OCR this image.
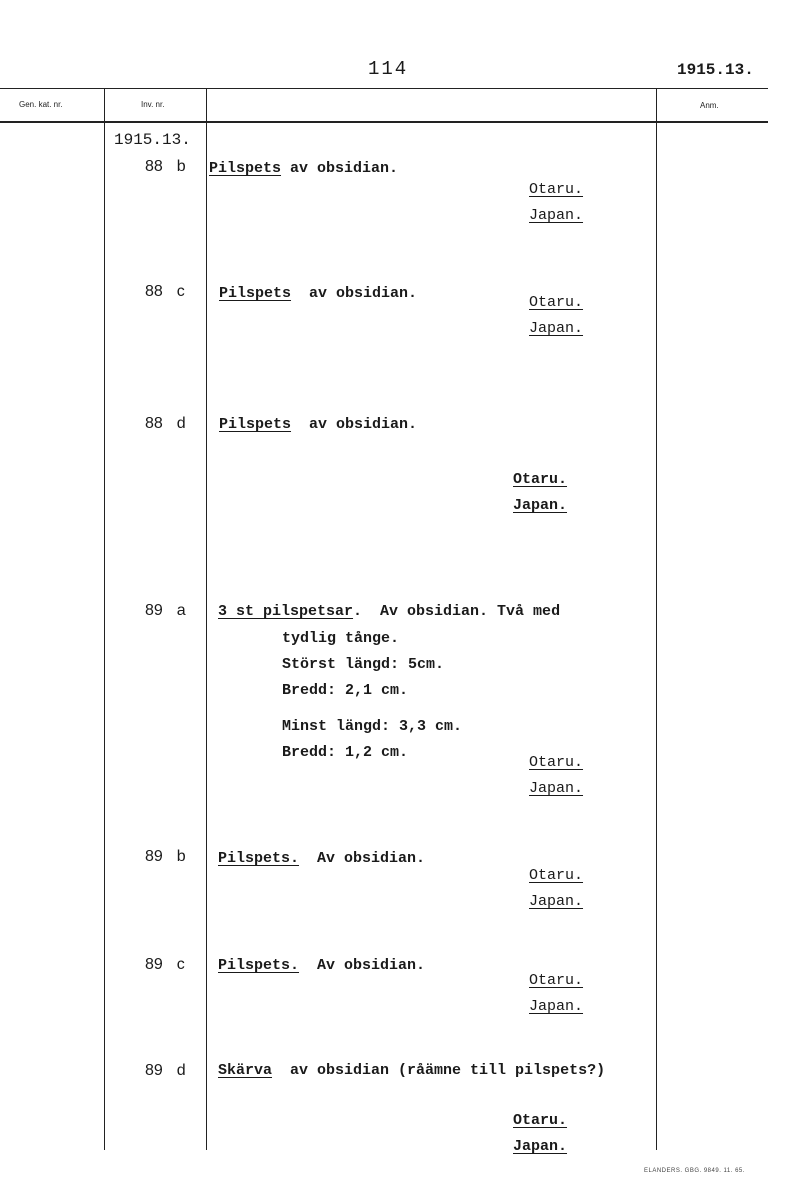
114	1915.13.
Gen. kat. nr.	Inv. nr.	Anm.
1915.13.
88 b Pilspets av obsidian.
Otaru.
Japan.
88 c Pilspets  av obsidian.
Otaru.
Japan.
88 d Pilspets  av obsidian.
Otaru.
Japan.
89 a 3 st pilspetsar.  Av obsidian. Två med
tydlig tånge.
Störst längd: 5cm.
Bredd: 2,1 cm.
Minst längd: 3,3 cm.
Bredd: 1,2 cm.
Otaru.
Japan.
89 b Pilspets.  Av obsidian.
Otaru.
Japan.
89 c Pilspets.  Av obsidian.
Otaru.
Japan.
89 d Skärva  av obsidian (råämne till pilspets?)
Otaru.
Japan.
ELANDERS. GBG. 9849. 11. 65.
